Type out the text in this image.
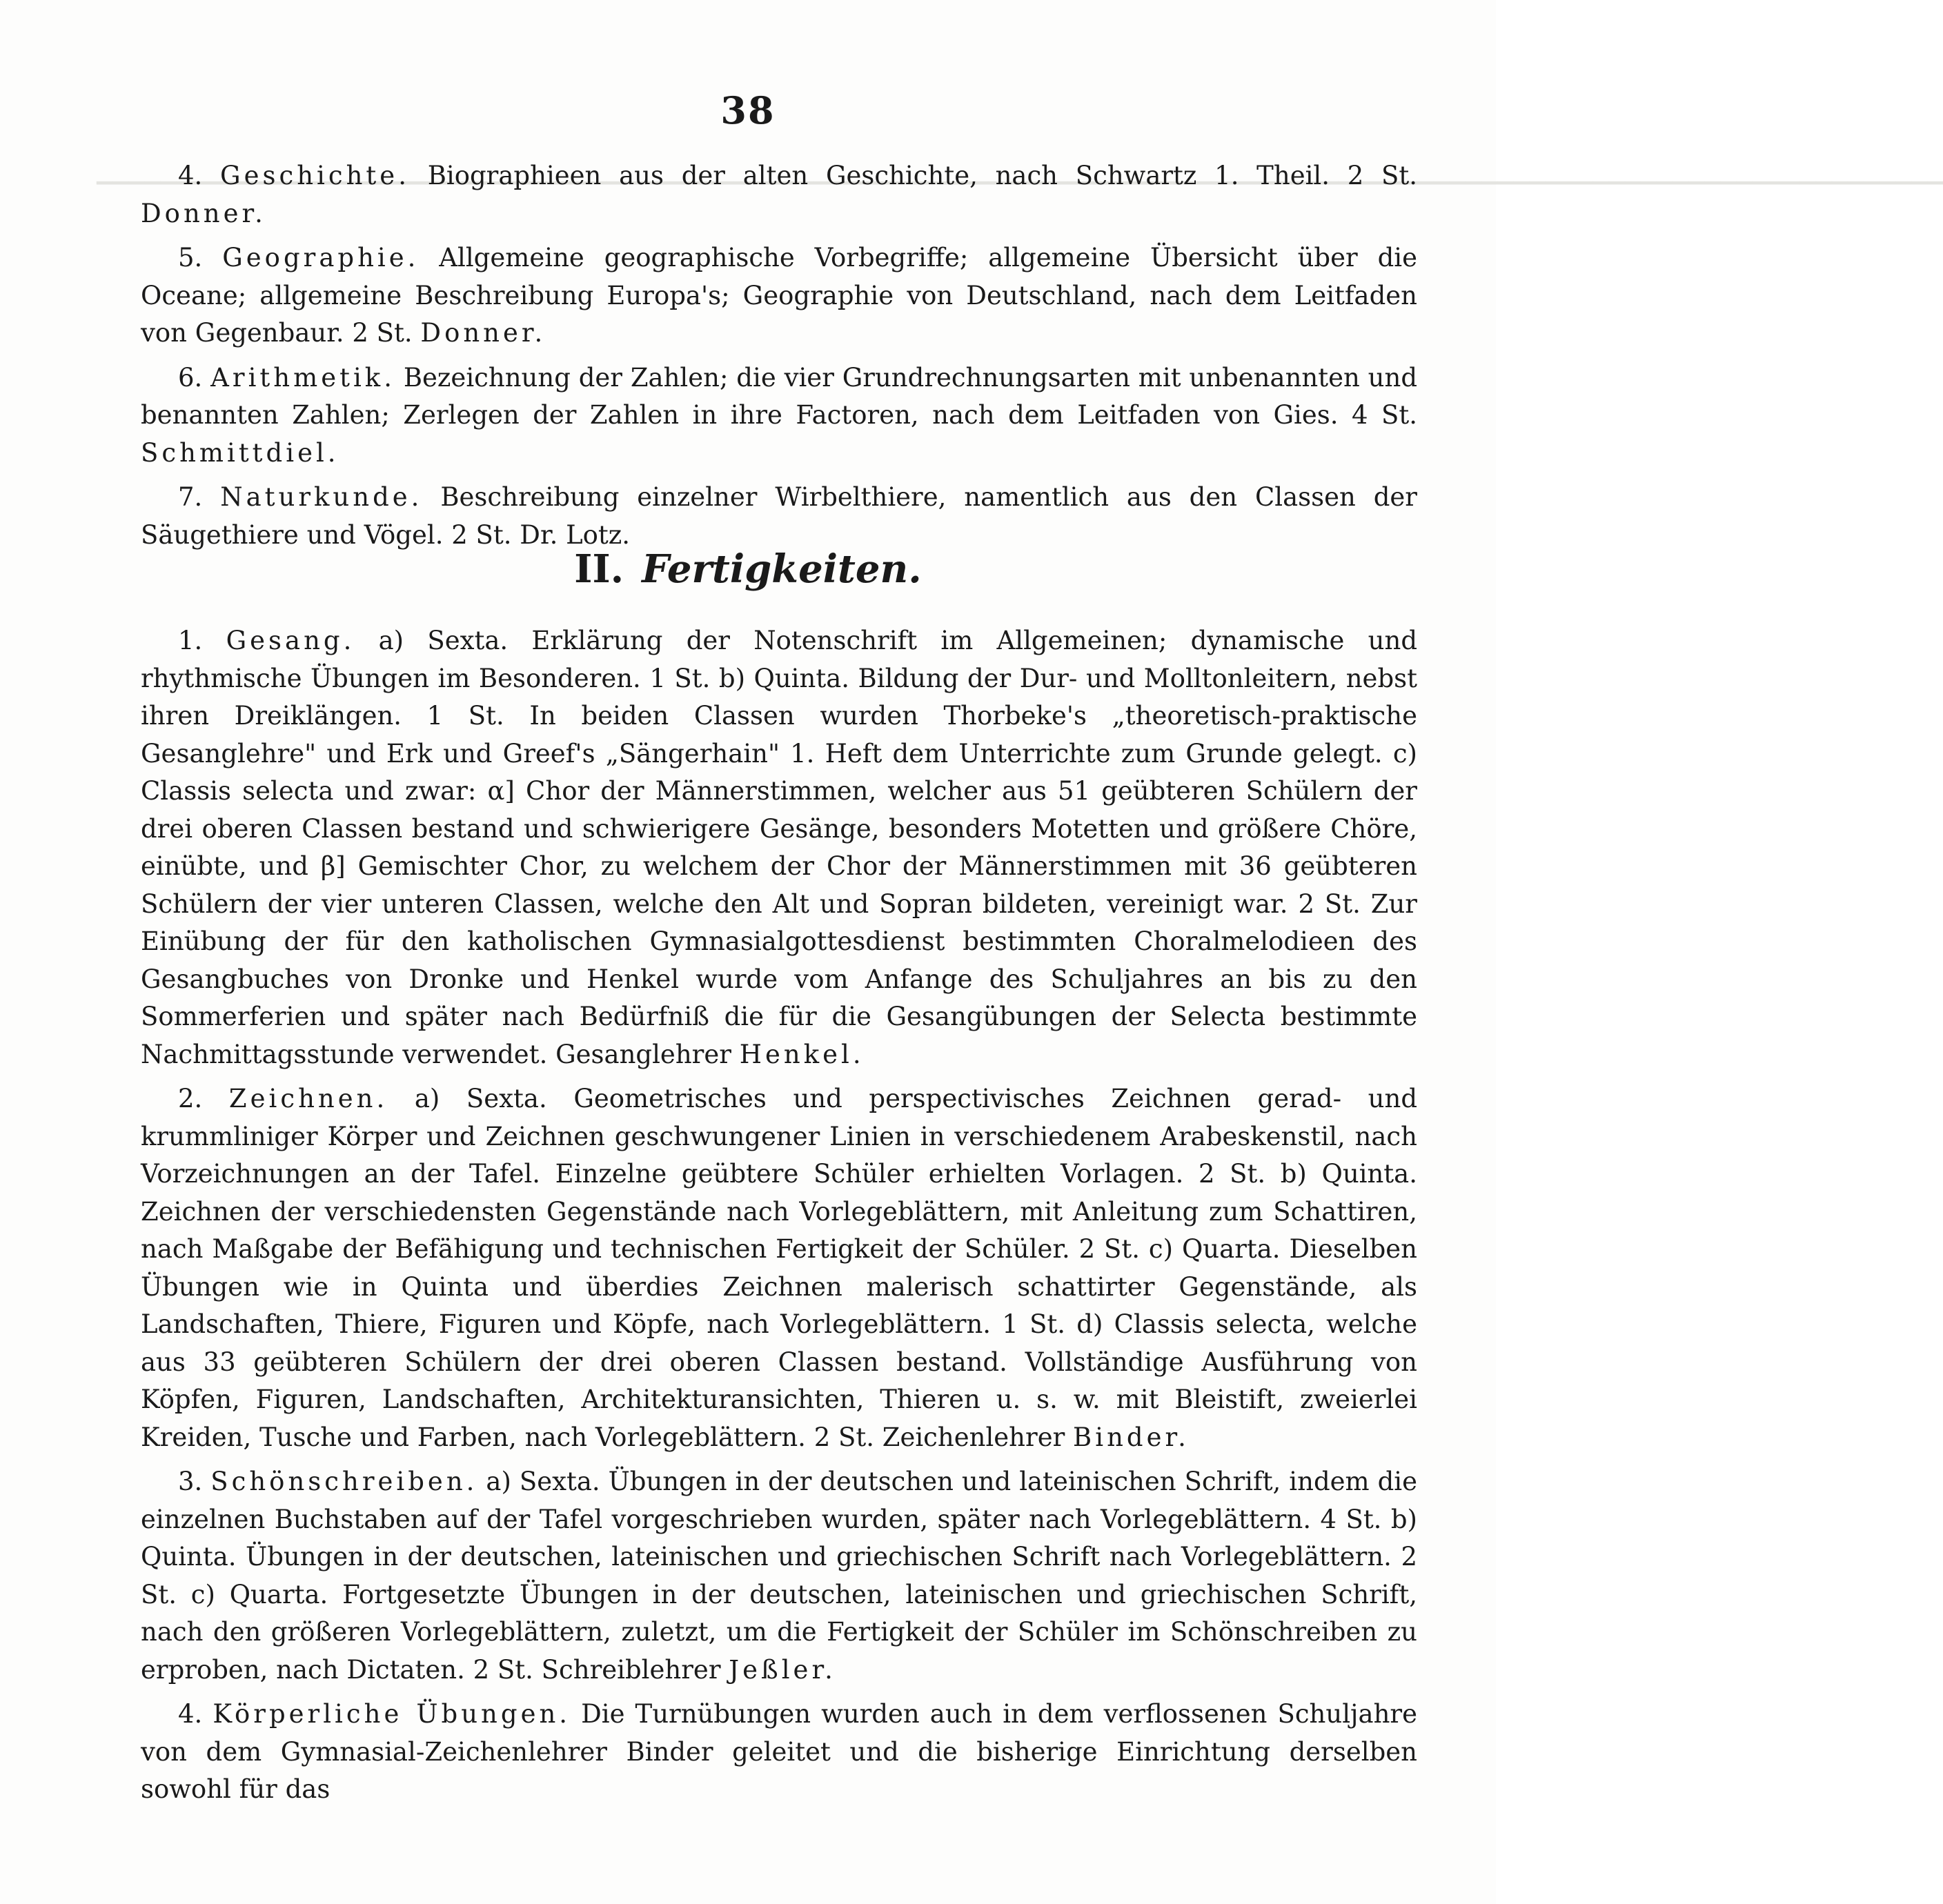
▔▔▔▔▔▔▔▔▔▔▔▔▔▔▔▔▔▔▔▔▔▔▔▔▔▔▔▔▔▔▔▔▔▔▔▔▔▔▔▔▔▔▔▔▔▔▔▔▔▔▔▔▔▔▔▔▔▔▔▔▔▔▔▔▔▔▔▔▔▔▔▔▔▔▔▔▔▔▔▔▔▔▔▔▔▔▔▔▔▔▔▔▔▔▔▔▔▔▔▔▔▔▔▔▔▔▔▔▔▔▔▔▔▔▔▔
38

4. Geschichte. Biographieen aus der alten Geschichte, nach Schwartz 1. Theil. 2 St. Donner.

5. Geographie. Allgemeine geographische Vorbegriffe; allgemeine Übersicht über die Oceane; allgemeine Beschreibung Europa's; Geographie von Deutschland, nach dem Leitfaden von Gegenbaur. 2 St. Donner.

6. Arithmetik. Bezeichnung der Zahlen; die vier Grundrechnungsarten mit unbenannten und benannten Zahlen; Zerlegen der Zahlen in ihre Factoren, nach dem Leitfaden von Gies. 4 St. Schmittdiel.

7. Naturkunde. Beschreibung einzelner Wirbelthiere, namentlich aus den Classen der Säugethiere und Vögel. 2 St. Dr. Lotz.

II. Fertigkeiten.

1. Gesang. a) Sexta. Erklärung der Notenschrift im Allgemeinen; dynamische und rhythmische Übungen im Besonderen. 1 St. b) Quinta. Bildung der Dur- und Molltonleitern, nebst ihren Dreiklängen. 1 St. In beiden Classen wurden Thorbeke's „theoretisch-praktische Gesanglehre" und Erk und Greef's „Sängerhain" 1. Heft dem Unterrichte zum Grunde gelegt. c) Classis selecta und zwar: α] Chor der Männerstimmen, welcher aus 51 geübteren Schülern der drei oberen Classen bestand und schwierigere Gesänge, besonders Motetten und größere Chöre, einübte, und β] Gemischter Chor, zu welchem der Chor der Männerstimmen mit 36 geübteren Schülern der vier unteren Classen, welche den Alt und Sopran bildeten, vereinigt war. 2 St. Zur Einübung der für den katholischen Gymnasialgottesdienst bestimmten Choralmelodieen des Gesangbuches von Dronke und Henkel wurde vom Anfange des Schuljahres an bis zu den Sommerferien und später nach Bedürfniß die für die Gesangübungen der Selecta bestimmte Nachmittagsstunde verwendet. Gesanglehrer Henkel.

2. Zeichnen. a) Sexta. Geometrisches und perspectivisches Zeichnen gerad- und krummliniger Körper und Zeichnen geschwungener Linien in verschiedenem Arabeskenstil, nach Vorzeichnungen an der Tafel. Einzelne geübtere Schüler erhielten Vorlagen. 2 St. b) Quinta. Zeichnen der verschiedensten Gegenstände nach Vorlegeblättern, mit Anleitung zum Schattiren, nach Maßgabe der Befähigung und technischen Fertigkeit der Schüler. 2 St. c) Quarta. Dieselben Übungen wie in Quinta und überdies Zeichnen malerisch schattirter Gegenstände, als Landschaften, Thiere, Figuren und Köpfe, nach Vorlegeblättern. 1 St. d) Classis selecta, welche aus 33 geübteren Schülern der drei oberen Classen bestand. Vollständige Ausführung von Köpfen, Figuren, Landschaften, Architekturansichten, Thieren u. s. w. mit Bleistift, zweierlei Kreiden, Tusche und Farben, nach Vorlegeblättern. 2 St. Zeichenlehrer Binder.

3. Schönschreiben. a) Sexta. Übungen in der deutschen und lateinischen Schrift, indem die einzelnen Buchstaben auf der Tafel vorgeschrieben wurden, später nach Vorlegeblättern. 4 St. b) Quinta. Übungen in der deutschen, lateinischen und griechischen Schrift nach Vorlegeblättern. 2 St. c) Quarta. Fortgesetzte Übungen in der deutschen, lateinischen und griechischen Schrift, nach den größeren Vorlegeblättern, zuletzt, um die Fertigkeit der Schüler im Schönschreiben zu erproben, nach Dictaten. 2 St. Schreiblehrer Jeßler.

4. Körperliche Übungen. Die Turnübungen wurden auch in dem verflossenen Schuljahre von dem Gymnasial-Zeichenlehrer Binder geleitet und die bisherige Einrichtung derselben sowohl für das
